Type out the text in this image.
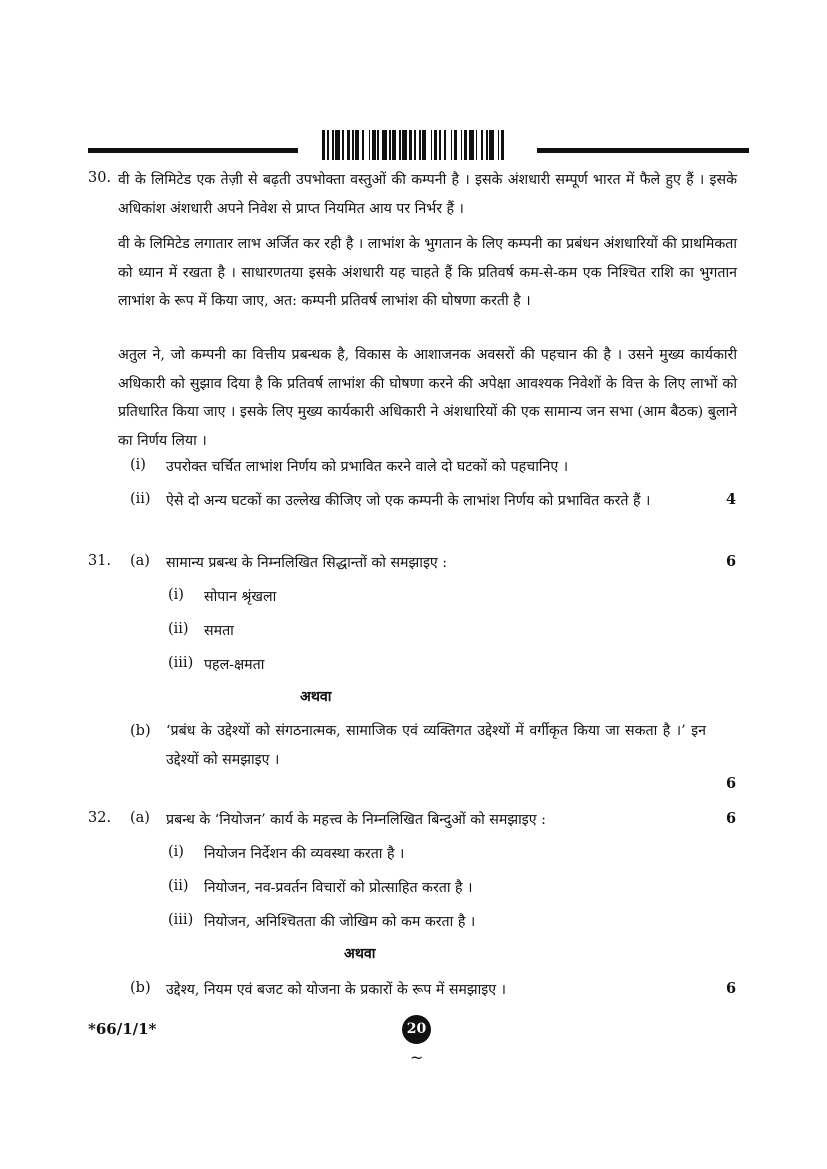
30. वी के लिमिटेड एक तेज़ी से बढ़ती उपभोक्ता वस्तुओं की कम्पनी है । इसके अंशधारी सम्पूर्ण भारत में फैले हुए हैं । इसके अधिकांश अंशधारी अपने निवेश से प्राप्त नियमित आय पर निर्भर हैं ।
वी के लिमिटेड लगातार लाभ अर्जित कर रही है । लाभांश के भुगतान के लिए कम्पनी का प्रबंधन अंशधारियों की प्राथमिकता को ध्यान में रखता है । साधारणतया इसके अंशधारी यह चाहते हैं कि प्रतिवर्ष कम-से-कम एक निश्चित राशि का भुगतान लाभांश के रूप में किया जाए, अत: कम्पनी प्रतिवर्ष लाभांश की घोषणा करती है ।
अतुल ने, जो कम्पनी का वित्तीय प्रबन्धक है, विकास के आशाजनक अवसरों की पहचान की है । उसने मुख्य कार्यकारी अधिकारी को सुझाव दिया है कि प्रतिवर्ष लाभांश की घोषणा करने की अपेक्षा आवश्यक निवेशों के वित्त के लिए लाभों को प्रतिधारित किया जाए । इसके लिए मुख्य कार्यकारी अधिकारी ने अंशधारियों की एक सामान्य जन सभा (आम बैठक) बुलाने का निर्णय लिया ।
(i) उपरोक्त चर्चित लाभांश निर्णय को प्रभावित करने वाले दो घटकों को पहचानिए ।
(ii) ऐसे दो अन्य घटकों का उल्लेख कीजिए जो एक कम्पनी के लाभांश निर्णय को प्रभावित करते हैं ।	4
31. (a) सामान्य प्रबन्ध के निम्नलिखित सिद्धान्तों को समझाइए :	6
(i) सोपान श्रृंखला
(ii) समता
(iii) पहल-क्षमता
अथवा
(b) ‘प्रबंध के उद्देश्यों को संगठनात्मक, सामाजिक एवं व्यक्तिगत उद्देश्यों में वर्गीकृत किया जा सकता है ।’ इन उद्देश्यों को समझाइए ।
6
32. (a) प्रबन्ध के ‘नियोजन’ कार्य के महत्त्व के निम्नलिखित बिन्दुओं को समझाइए :	6
(i) नियोजन निर्देशन की व्यवस्था करता है ।
(ii) नियोजन, नव-प्रवर्तन विचारों को प्रोत्साहित करता है ।
(iii) नियोजन, अनिश्चितता की जोखिम को कम करता है ।
अथवा
(b) उद्देश्य, नियम एवं बजट को योजना के प्रकारों के रूप में समझाइए ।	6
*66/1/1*	20
~
